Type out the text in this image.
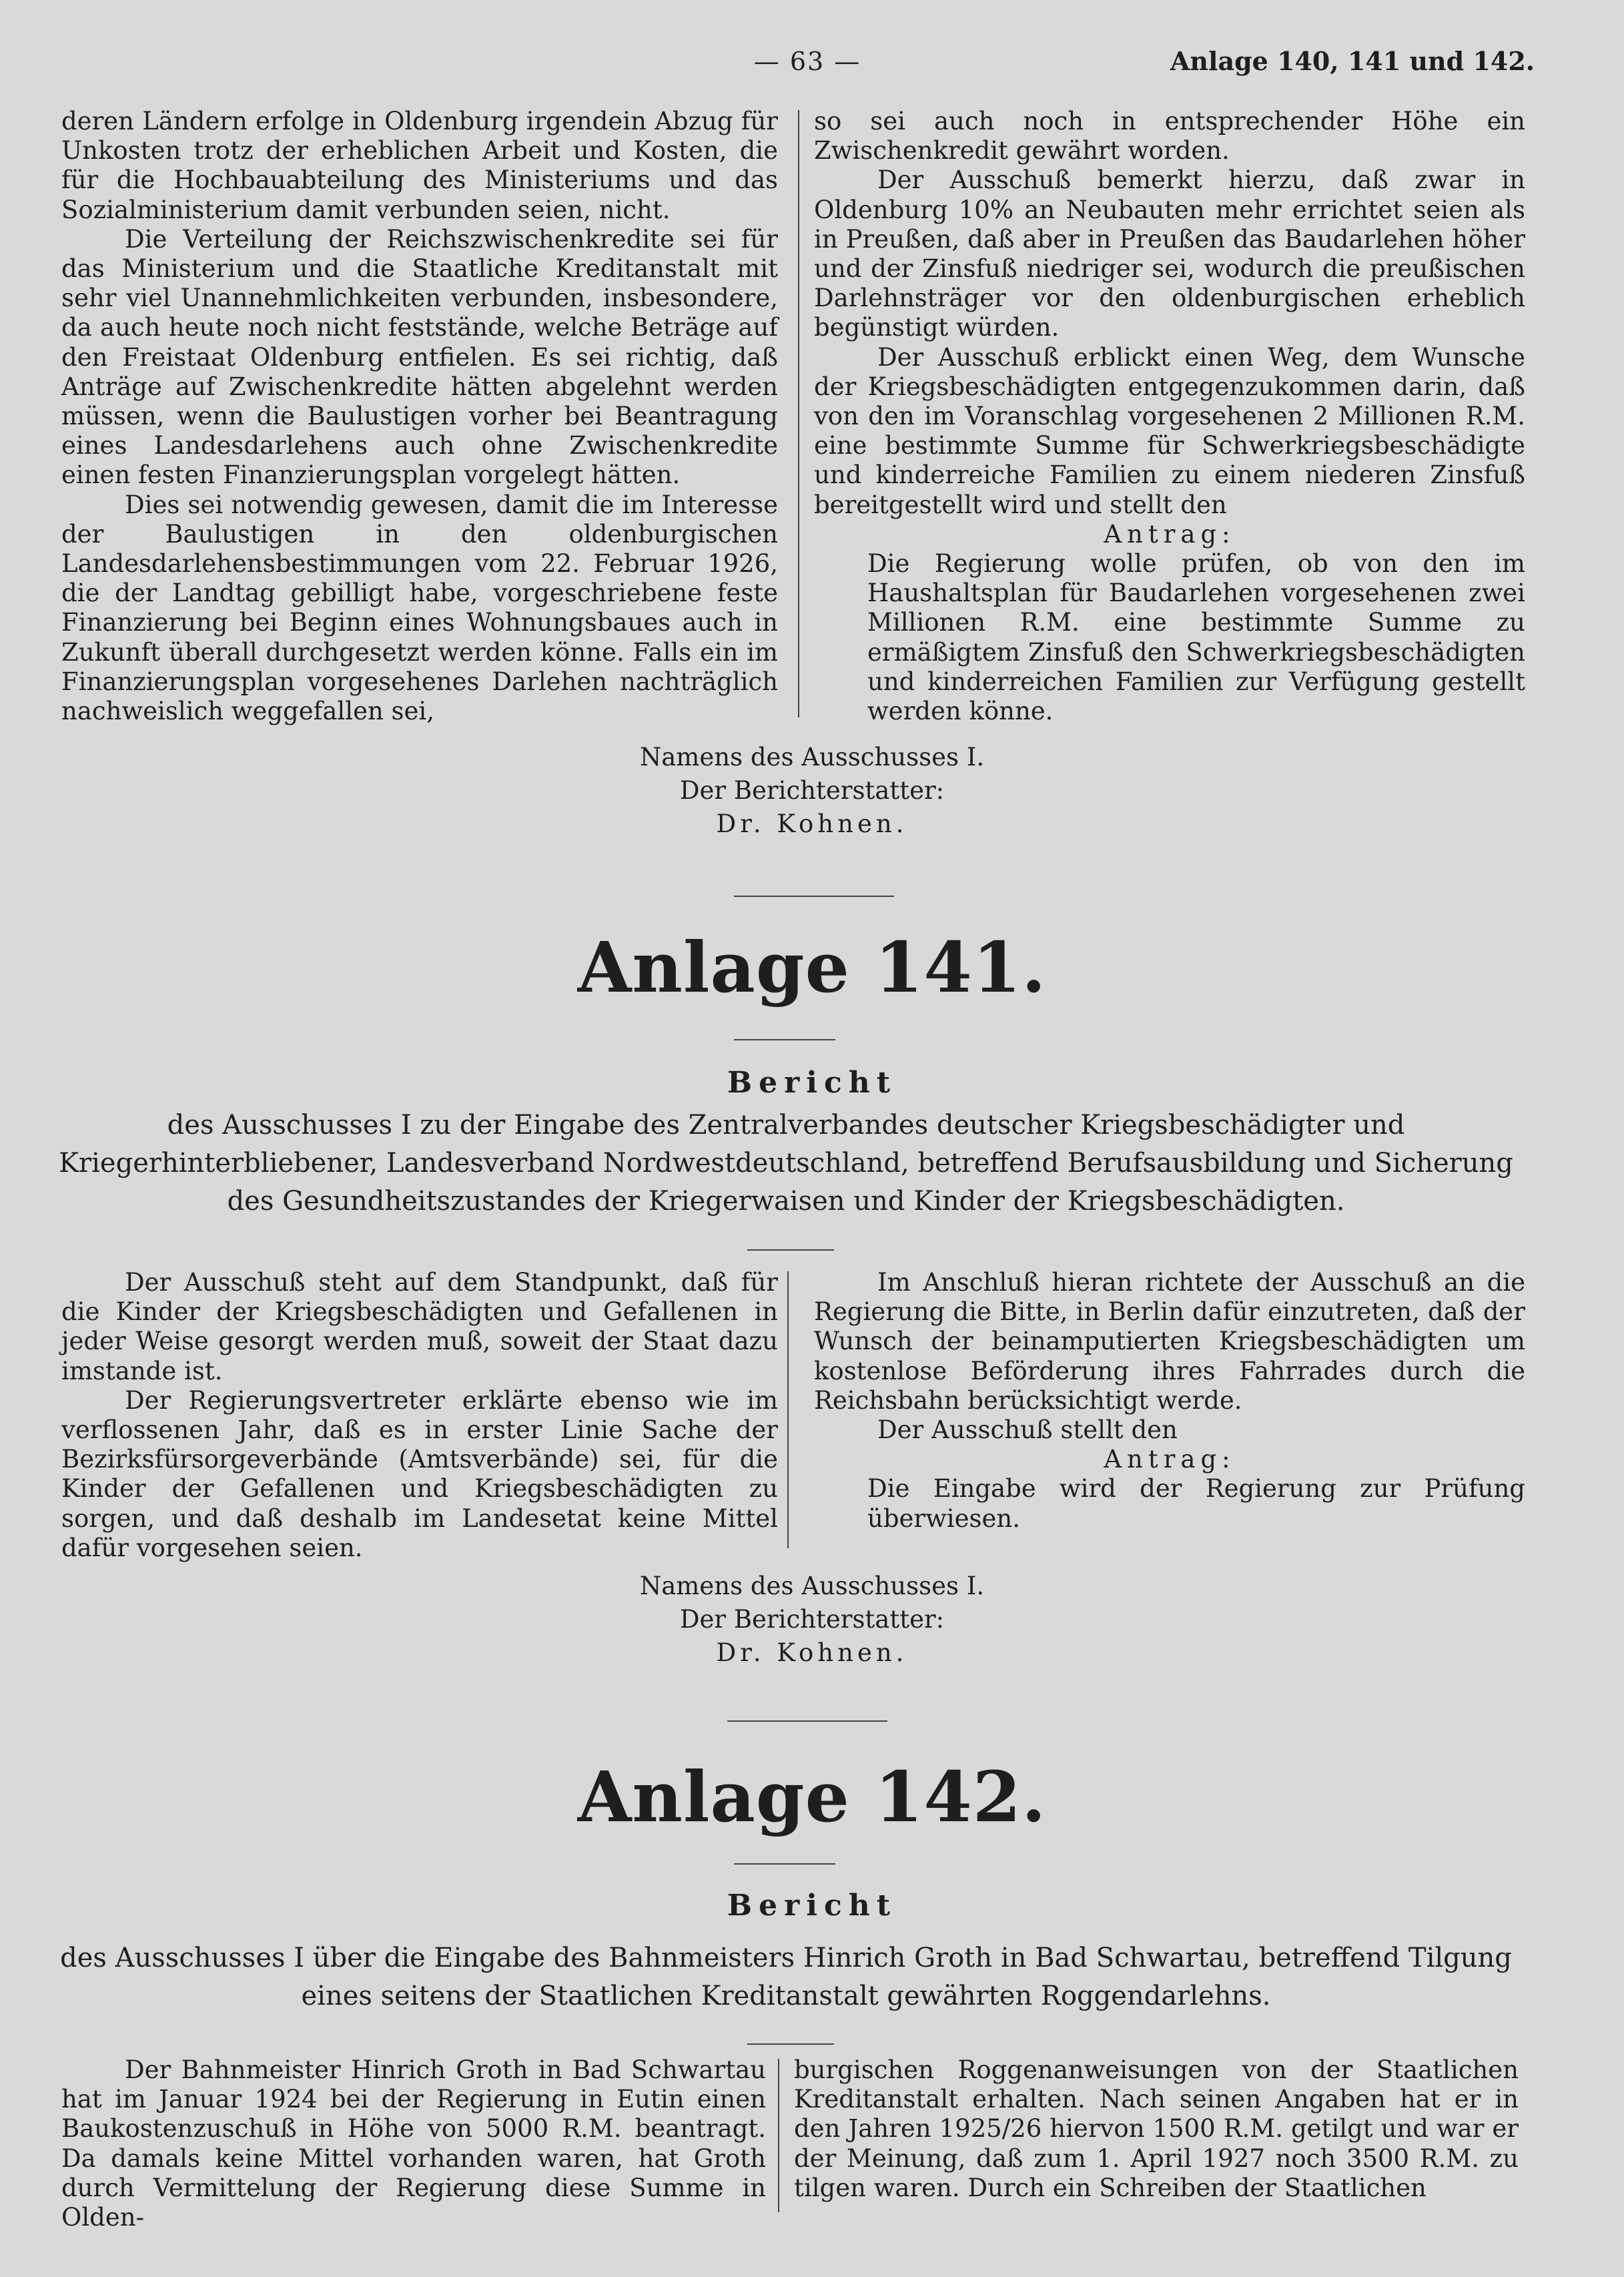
— 63 —	Anlage 140, 141 und 142.

deren Ländern erfolge in Oldenburg irgendein Abzug für Unkosten trotz der erheblichen Arbeit und Kosten, die für die Hochbauabteilung des Ministeriums und das Sozialministerium damit verbunden seien, nicht.

Die Verteilung der Reichszwischenkredite sei für das Ministerium und die Staatliche Kreditanstalt mit sehr viel Unannehmlichkeiten verbunden, insbesondere, da auch heute noch nicht feststände, welche Beträge auf den Freistaat Oldenburg entfielen. Es sei richtig, daß Anträge auf Zwischenkredite hätten abgelehnt werden müssen, wenn die Baulustigen vorher bei Beantragung eines Landesdarlehens auch ohne Zwischenkredite einen festen Finanzierungsplan vorgelegt hätten.

Dies sei notwendig gewesen, damit die im Interesse der Baulustigen in den oldenburgischen Landesdarlehensbestimmungen vom 22. Februar 1926, die der Landtag gebilligt habe, vorgeschriebene feste Finanzierung bei Beginn eines Wohnungsbaues auch in Zukunft überall durchgesetzt werden könne. Falls ein im Finanzierungsplan vorgesehenes Darlehen nachträglich nachweislich weggefallen sei,

so sei auch noch in entsprechender Höhe ein Zwischenkredit gewährt worden.

Der Ausschuß bemerkt hierzu, daß zwar in Oldenburg 10% an Neubauten mehr errichtet seien als in Preußen, daß aber in Preußen das Baudarlehen höher und der Zinsfuß niedriger sei, wodurch die preußischen Darlehnsträger vor den oldenburgischen erheblich begünstigt würden.

Der Ausschuß erblickt einen Weg, dem Wunsche der Kriegsbeschädigten entgegenzukommen darin, daß von den im Voranschlag vorgesehenen 2 Millionen R.M. eine bestimmte Summe für Schwerkriegsbeschädigte und kinderreiche Familien zu einem niederen Zinsfuß bereitgestellt wird und stellt den

Antrag:

Die Regierung wolle prüfen, ob von den im Haushaltsplan für Baudarlehen vorgesehenen zwei Millionen R.M. eine bestimmte Summe zu ermäßigtem Zinsfuß den Schwerkriegsbeschädigten und kinderreichen Familien zur Verfügung gestellt werden könne.

Namens des Ausschusses I.
Der Berichterstatter:
Dr. Kohnen.
Anlage 141.
Bericht
des Ausschusses I zu der Eingabe des Zentralverbandes deutscher Kriegsbeschädigter und Kriegerhinterbliebener, Landesverband Nordwestdeutschland, betreffend Berufsausbildung und Sicherung des Gesundheitszustandes der Kriegerwaisen und Kinder der Kriegsbeschädigten.

Der Ausschuß steht auf dem Standpunkt, daß für die Kinder der Kriegsbeschädigten und Gefallenen in jeder Weise gesorgt werden muß, soweit der Staat dazu imstande ist.

Der Regierungsvertreter erklärte ebenso wie im verflossenen Jahr, daß es in erster Linie Sache der Bezirksfürsorgeverbände (Amtsverbände) sei, für die Kinder der Gefallenen und Kriegsbeschädigten zu sorgen, und daß deshalb im Landesetat keine Mittel dafür vorgesehen seien.

Im Anschluß hieran richtete der Ausschuß an die Regierung die Bitte, in Berlin dafür einzutreten, daß der Wunsch der beinamputierten Kriegsbeschädigten um kostenlose Beförderung ihres Fahrrades durch die Reichsbahn berücksichtigt werde.

Der Ausschuß stellt den

Antrag:

Die Eingabe wird der Regierung zur Prüfung überwiesen.

Namens des Ausschusses I.
Der Berichterstatter:
Dr. Kohnen.
Anlage 142.
Bericht
des Ausschusses I über die Eingabe des Bahnmeisters Hinrich Groth in Bad Schwartau, betreffend Tilgung eines seitens der Staatlichen Kreditanstalt gewährten Roggendarlehns.

Der Bahnmeister Hinrich Groth in Bad Schwartau hat im Januar 1924 bei der Regierung in Eutin einen Baukostenzuschuß in Höhe von 5000 R.M. beantragt. Da damals keine Mittel vorhanden waren, hat Groth durch Vermittelung der Regierung diese Summe in Olden-

burgischen Roggenanweisungen von der Staatlichen Kreditanstalt erhalten. Nach seinen Angaben hat er in den Jahren 1925/26 hiervon 1500 R.M. getilgt und war er der Meinung, daß zum 1. April 1927 noch 3500 R.M. zu tilgen waren. Durch ein Schreiben der Staatlichen
